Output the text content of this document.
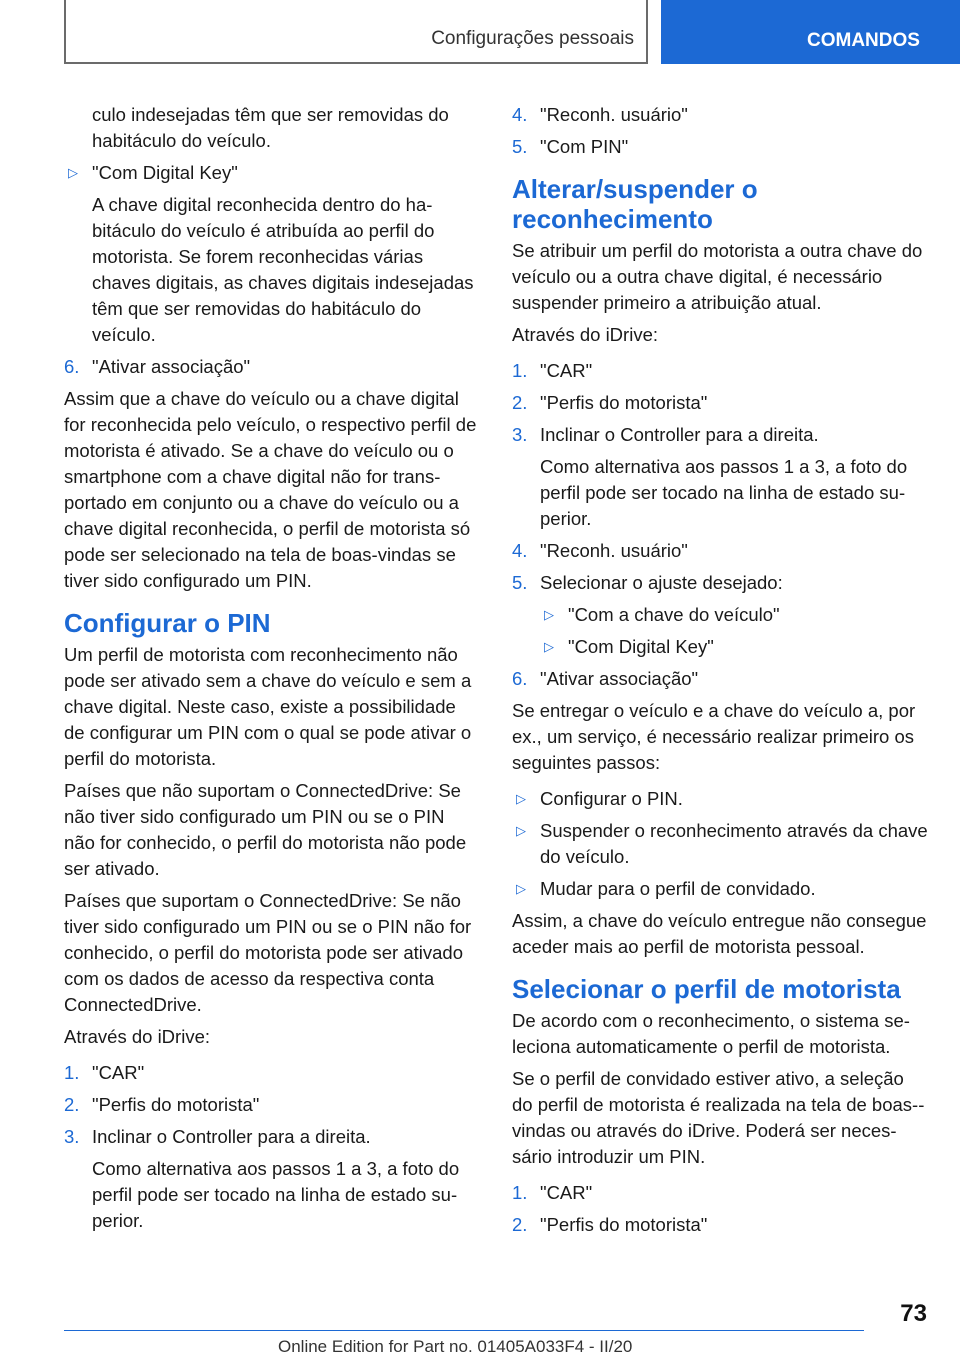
Configurações pessoais	COMANDOS

culo indesejadas têm que ser removidas do habitáculo do veículo.

▷ "Com Digital Key"

A chave digital reconhecida dentro do habitáculo do veículo é atribuída ao perfil do motorista. Se forem reconhecidas várias chaves digitais, as chaves digitais indesejadas têm que ser removidas do habitáculo do veículo.

6. "Ativar associação"

Assim que a chave do veículo ou a chave digital for reconhecida pelo veículo, o respectivo perfil de motorista é ativado. Se a chave do veículo ou o smartphone com a chave digital não for transportado em conjunto ou a chave do veículo ou a chave digital reconhecida, o perfil de motorista só pode ser selecionado na tela de boas-vindas se tiver sido configurado um PIN.

Configurar o PIN

Um perfil de motorista com reconhecimento não pode ser ativado sem a chave do veículo e sem a chave digital. Neste caso, existe a possibilidade de configurar um PIN com o qual se pode ativar o perfil do motorista.

Países que não suportam o ConnectedDrive: Se não tiver sido configurado um PIN ou se o PIN não for conhecido, o perfil do motorista não pode ser ativado.

Países que suportam o ConnectedDrive: Se não tiver sido configurado um PIN ou se o PIN não for conhecido, o perfil do motorista pode ser ativado com os dados de acesso da respectiva conta ConnectedDrive.

Através do iDrive:

1. "CAR"
2. "Perfis do motorista"
3. Inclinar o Controller para a direita.

Como alternativa aos passos 1 a 3, a foto do perfil pode ser tocado na linha de estado superior.

4. "Reconh. usuário"
5. "Com PIN"
Alterar/suspender o reconhecimento

Se atribuir um perfil do motorista a outra chave do veículo ou a outra chave digital, é necessário suspender primeiro a atribuição atual.

Através do iDrive:

1. "CAR"
2. "Perfis do motorista"
3. Inclinar o Controller para a direita.

Como alternativa aos passos 1 a 3, a foto do perfil pode ser tocado na linha de estado superior.

4. "Reconh. usuário"
5. Selecionar o ajuste desejado:
▷ "Com a chave do veículo"
▷ "Com Digital Key"
6. "Ativar associação"

Se entregar o veículo e a chave do veículo a, por ex., um serviço, é necessário realizar primeiro os seguintes passos:

▷ Configurar o PIN.
▷ Suspender o reconhecimento através da chave do veículo.
▷ Mudar para o perfil de convidado.

Assim, a chave do veículo entregue não consegue aceder mais ao perfil de motorista pessoal.

Selecionar o perfil de motorista

De acordo com o reconhecimento, o sistema seleciona automaticamente o perfil de motorista.

Se o perfil de convidado estiver ativo, a seleção do perfil de motorista é realizada na tela de boas--vindas ou através do iDrive. Poderá ser necessário introduzir um PIN.

1. "CAR"
2. "Perfis do motorista"
73
Online Edition for Part no. 01405A033F4 - II/20
